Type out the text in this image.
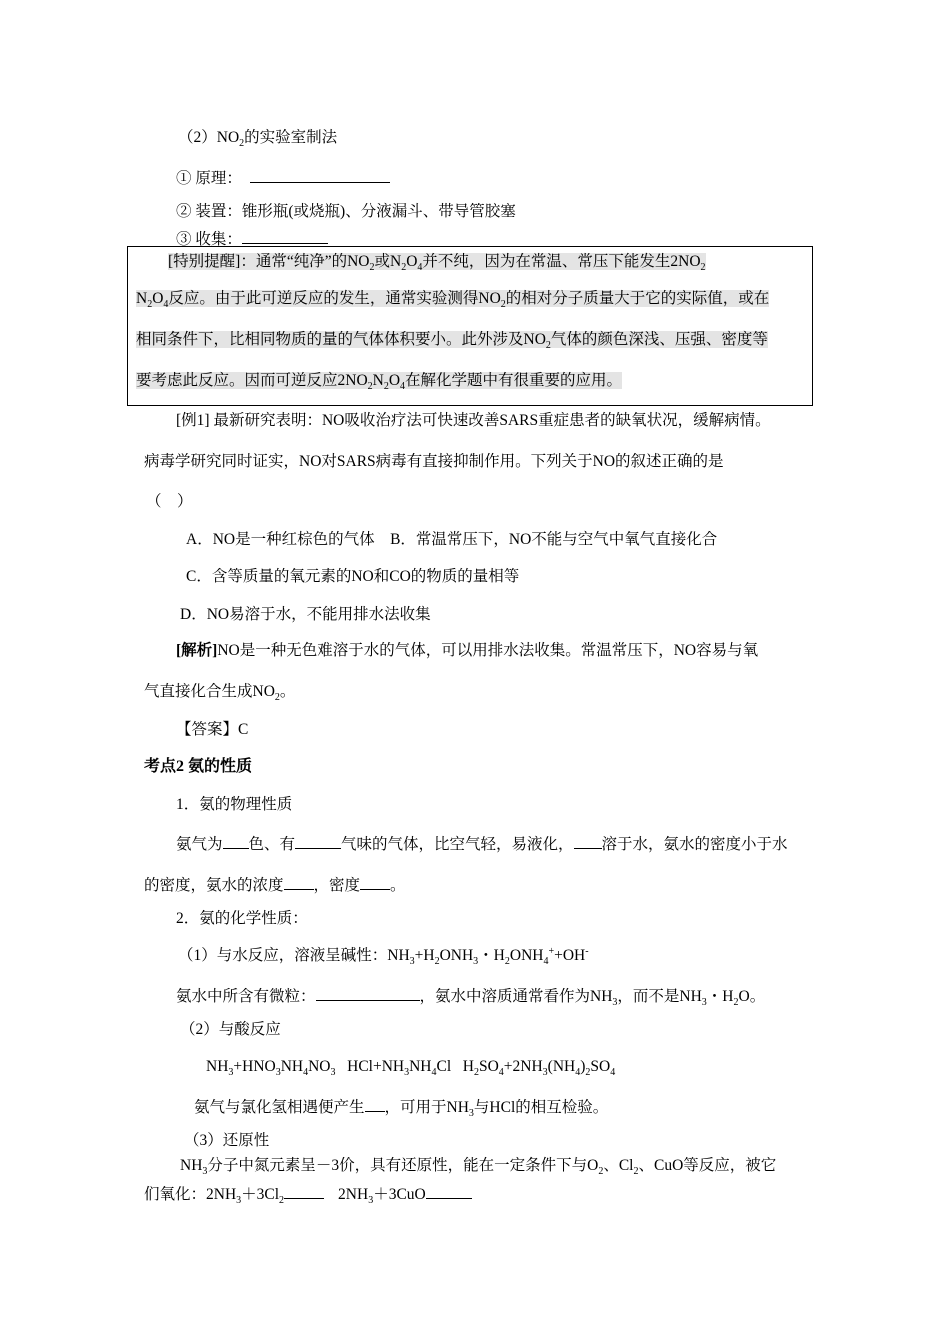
$(2)NO_2$的实验室制法
① 原理：
② 装置：锥形瓶(或烧瓶)、分液漏斗、带导管胶塞
③ 收集：
[特别提醒]：通常“纯净”的$NO_2$或$N_2O_4$并不纯，因为在常温、常压下能发生$2NO_2$
$N_2O_4$反应。由于此可逆反应的发生，通常实验测得$NO_2$的相对分子质量大于它的实际值，或在
相同条件下，比相同物质的量的气体体积要小。此外涉及$NO_2$气体的颜色深浅、压强、密度等
要考虑此反应。因而可逆反应$2NO_2N_2O_4$在解化学题中有很重要的应用。
[例1] 最新研究表明：NO吸收治疗法可快速改善SARS重症患者的缺氧状况，缓解病情。
病毒学研究同时证实，NO对SARS病毒有直接抑制作用。下列关于NO的叙述正确的是
（　）
A．NO是一种红棕色的气体　B．常温常压下，NO不能与空气中氧气直接化合
C．含等质量的氧元素的NO和CO的物质的量相等
D．NO易溶于水，不能用排水法收集
[解析]NO是一种无色难溶于水的气体，可以用排水法收集。常温常压下，NO容易与氧
气直接化合生成$NO_2$。
【答案】C
考点2 氨的性质
1．氨的物理性质
氨气为 色、有	气味的气体，比空气轻，易液化， 溶于水，氨水的密度小于水
的密度，氨水的浓度 ，密度 。
2．氨的化学性质：
（1）与水反应，溶液呈碱性：$NH_3+H_2ONH_3$・$H_2ONH_4^++OH^-$
氨水中所含有微粒：	，氨水中溶质通常看作为$NH_3$，而不是$NH_3$・$H_2O$。
（2）与酸反应
$NH_3+HNO_3NH_4NO_3$   $HCl+NH_3NH_4Cl$   $H_2SO_4+2NH_3(NH_4)_2SO_4$
氨气与氯化氢相遇便产生 ，可用于$NH_3$与HCl的相互检验。
（3）还原性
$NH_3$分子中氮元素呈－3价，具有还原性，能在一定条件下与$O_2$、$Cl_2$、CuO等反应，被它
们氧化：$2NH_3+3Cl_2$	$2NH_3+3CuO$
